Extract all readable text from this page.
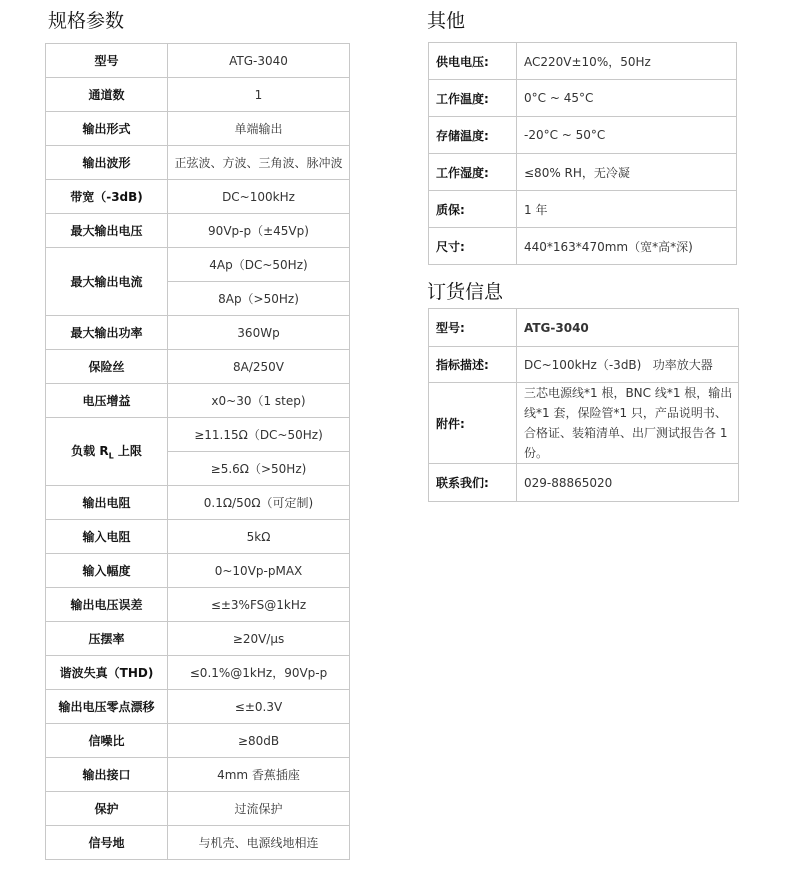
规格参数
型号	ATG-3040
通道数	1
输出形式	单端输出
输出波形	正弦波、方波、三角波、脉冲波
带宽（-3dB)	DC~100kHz
最大输出电压	90Vp-p（±45Vp)
最大输出电流	4Ap（DC~50Hz)
	8Ap（>50Hz)
最大输出功率	360Wp
保险丝	8A/250V
电压增益	x0~30（1 step)
负载 $R_L$ 上限	≥11.15Ω（DC~50Hz)
	≥5.6Ω（>50Hz)
输出电阻	0.1Ω/50Ω（可定制)
输入电阻	5kΩ
输入幅度	0~10Vp-pMAX
输出电压误差	≤±3%FS@1kHz
压摆率	≥20V/μs
谐波失真（THD)	≤0.1%@1kHz，90Vp-p
输出电压零点漂移	≤±0.3V
信噪比	≥80dB
输出接口	4mm 香蕉插座
保护	过流保护
信号地	与机壳、电源线地相连
其他
供电电压:	AC220V±10%，50Hz
工作温度:	0°C ~ 45°C
存储温度:	-20°C ~ 50°C
工作湿度:	≤80% RH，无冷凝
质保:	1 年
尺寸:	440*163*470mm（宽*高*深)
订货信息
型号:	ATG-3040
指标描述:	DC~100kHz（-3dB)   功率放大器
附件:	三芯电源线*1 根，BNC 线*1 根，输出线*1 套，保险管*1 只，产品说明书、合格证、装箱清单、出厂测试报告各 1 份。
联系我们:	029-88865020
